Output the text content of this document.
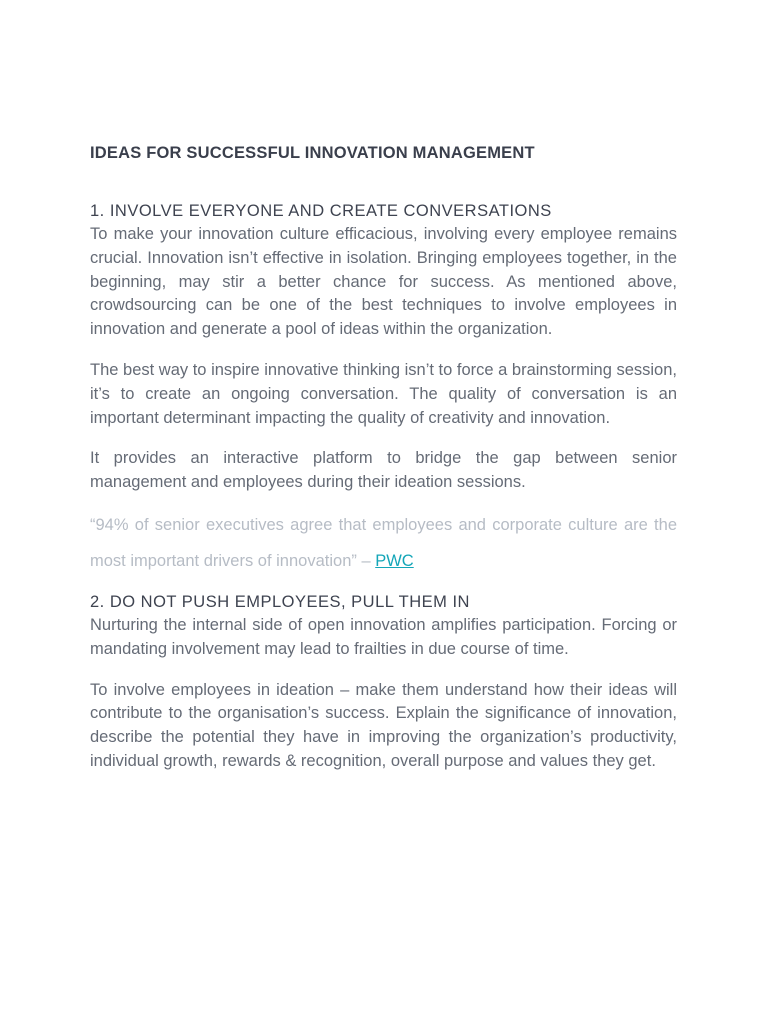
IDEAS FOR SUCCESSFUL INNOVATION MANAGEMENT
1. INVOLVE EVERYONE AND CREATE CONVERSATIONS

To make your innovation culture efficacious, involving every employee remains crucial. Innovation isn’t effective in isolation. Bringing employees together, in the beginning, may stir a better chance for success. As mentioned above, crowdsourcing can be one of the best techniques to involve employees in innovation and generate a pool of ideas within the organization.

The best way to inspire innovative thinking isn’t to force a brainstorming session, it’s to create an ongoing conversation. The quality of conversation is an important determinant impacting the quality of creativity and innovation.

It provides an interactive platform to bridge the gap between senior management and employees during their ideation sessions.

“94% of senior executives agree that employees and corporate culture are the most important drivers of innovation” – PWC

2. DO NOT PUSH EMPLOYEES, PULL THEM IN

Nurturing the internal side of open innovation amplifies participation. Forcing or mandating involvement may lead to frailties in due course of time.

To involve employees in ideation – make them understand how their ideas will contribute to the organisation’s success. Explain the significance of innovation, describe the potential they have in improving the organization’s productivity, individual growth, rewards & recognition, overall purpose and values they get.
